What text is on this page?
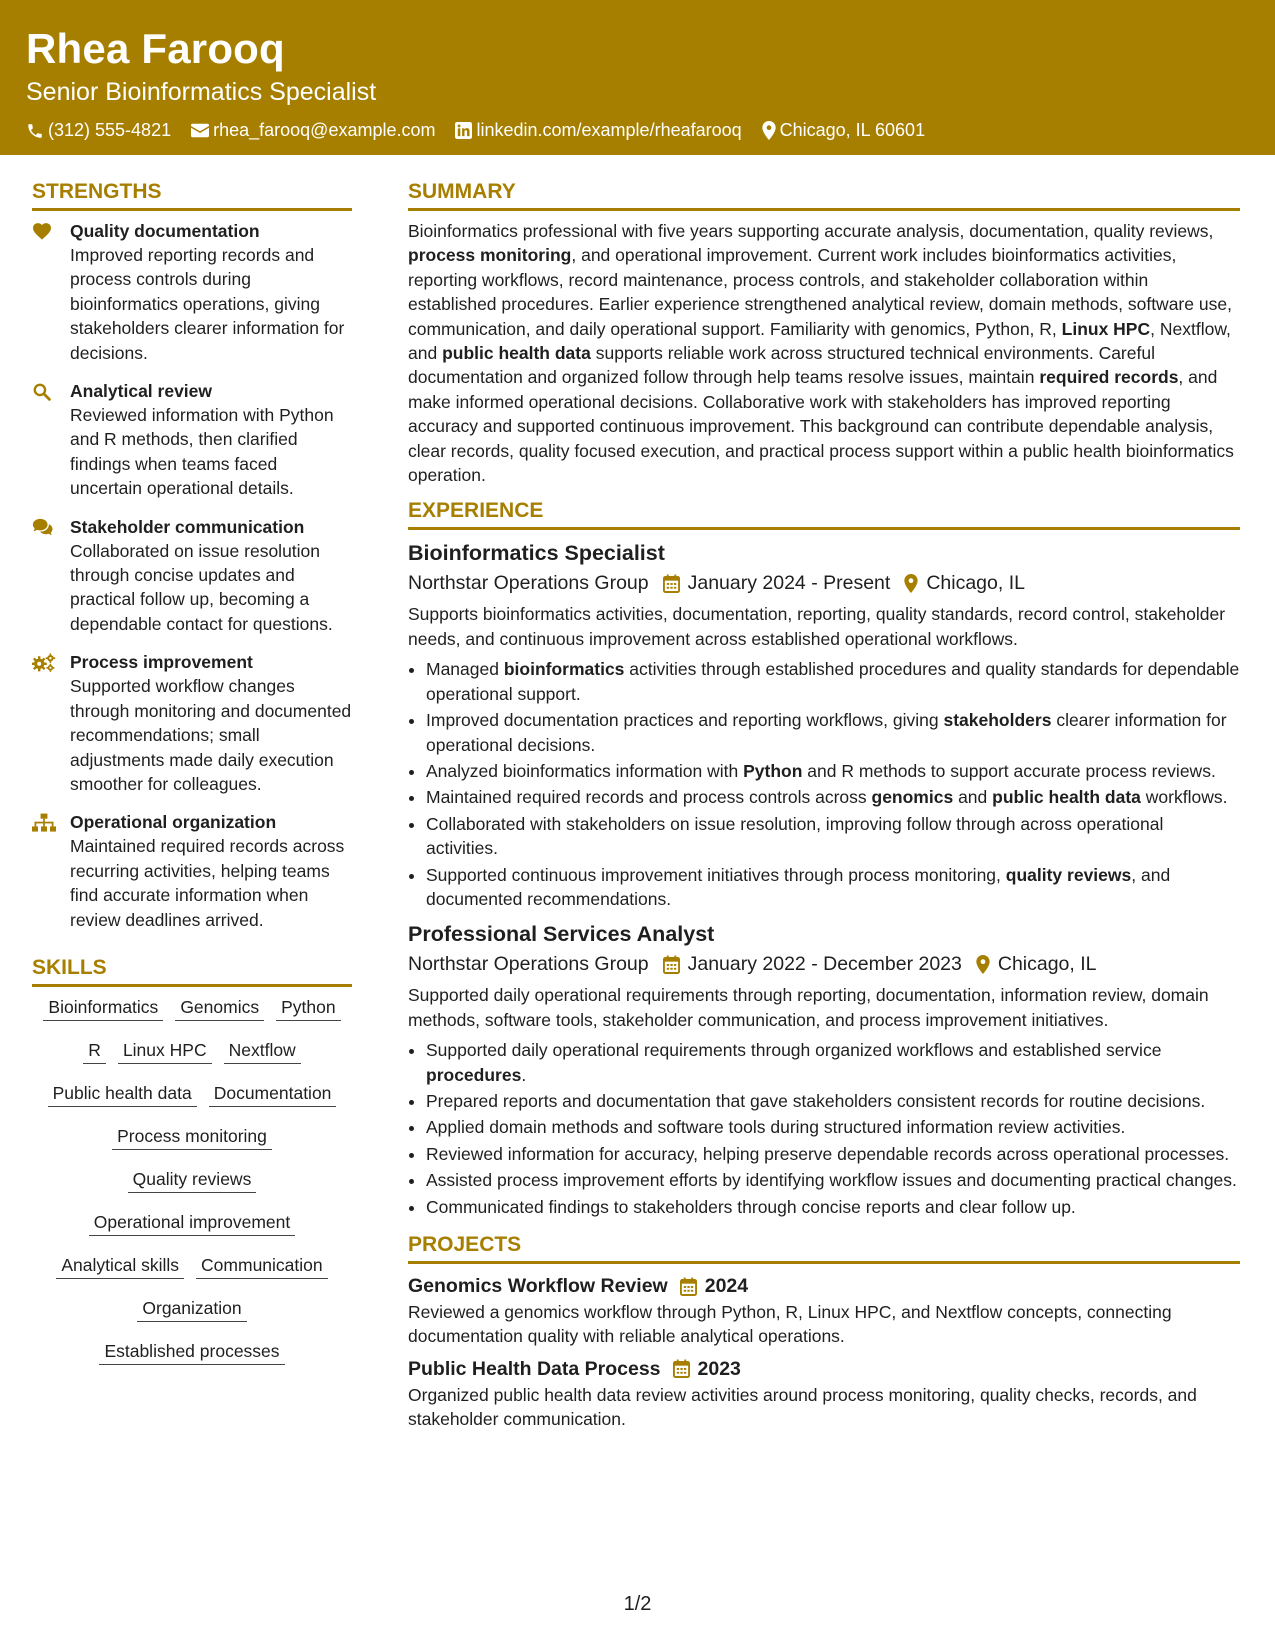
Rhea Farooq
Senior Bioinformatics Specialist
(312) 555-4821 rhea_farooq@example.com linkedin.com/example/rheafarooq Chicago, IL 60601
STRENGTHS
Quality documentation
Improved reporting records and process controls during bioinformatics operations, giving stakeholders clearer information for decisions.
Analytical review
Reviewed information with Python and R methods, then clarified findings when teams faced uncertain operational details.
Stakeholder communication
Collaborated on issue resolution through concise updates and practical follow up, becoming a dependable contact for questions.
Process improvement
Supported workflow changes through monitoring and documented recommendations; small adjustments made daily execution smoother for colleagues.
Operational organization
Maintained required records across recurring activities, helping teams find accurate information when review deadlines arrived.
SKILLS
Bioinformatics Genomics Python
R Linux HPC Nextflow
Public health data Documentation
Process monitoring
Quality reviews
Operational improvement
Analytical skills Communication
Organization
Established processes
SUMMARY

Bioinformatics professional with five years supporting accurate analysis, documentation, quality reviews, process monitoring, and operational improvement. Current work includes bioinformatics activities, reporting workflows, record maintenance, process controls, and stakeholder collaboration within established procedures. Earlier experience strengthened analytical review, domain methods, software use, communication, and daily operational support. Familiarity with genomics, Python, R, Linux HPC, Nextflow, and public health data supports reliable work across structured technical environments. Careful documentation and organized follow through help teams resolve issues, maintain required records, and make informed operational decisions. Collaborative work with stakeholders has improved reporting accuracy and supported continuous improvement. This background can contribute dependable analysis, clear records, quality focused execution, and practical process support within a public health bioinformatics operation.

EXPERIENCE
Bioinformatics Specialist
Northstar Operations Group January 2024 - Present Chicago, IL

Supports bioinformatics activities, documentation, reporting, quality standards, record control, stakeholder needs, and continuous improvement across established operational workflows.

• Managed bioinformatics activities through established procedures and quality standards for dependable operational support.
• Improved documentation practices and reporting workflows, giving stakeholders clearer information for operational decisions.
• Analyzed bioinformatics information with Python and R methods to support accurate process reviews.
• Maintained required records and process controls across genomics and public health data workflows.
• Collaborated with stakeholders on issue resolution, improving follow through across operational activities.
• Supported continuous improvement initiatives through process monitoring, quality reviews, and documented recommendations.
Professional Services Analyst
Northstar Operations Group January 2022 - December 2023 Chicago, IL

Supported daily operational requirements through reporting, documentation, information review, domain methods, software tools, stakeholder communication, and process improvement initiatives.

• Supported daily operational requirements through organized workflows and established service procedures.
• Prepared reports and documentation that gave stakeholders consistent records for routine decisions.
• Applied domain methods and software tools during structured information review activities.
• Reviewed information for accuracy, helping preserve dependable records across operational processes.
• Assisted process improvement efforts by identifying workflow issues and documenting practical changes.
• Communicated findings to stakeholders through concise reports and clear follow up.
PROJECTS
Genomics Workflow Review 2024

Reviewed a genomics workflow through Python, R, Linux HPC, and Nextflow concepts, connecting documentation quality with reliable analytical operations.

Public Health Data Process 2023

Organized public health data review activities around process monitoring, quality checks, records, and stakeholder communication.

1/2
